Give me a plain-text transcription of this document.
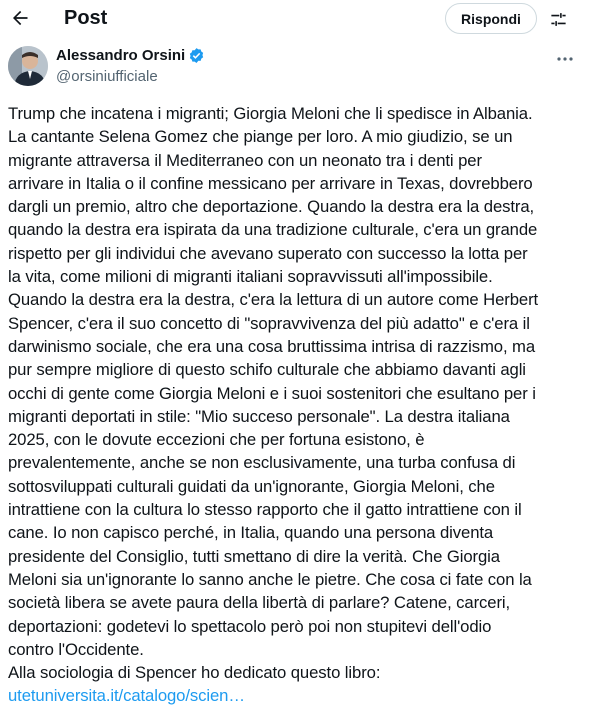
Post	Rispondi
Alessandro Orsini
@orsiniufficiale
Trump che incatena i migranti; Giorgia Meloni che li spedisce in Albania.
La cantante Selena Gomez che piange per loro. A mio giudizio, se un
migrante attraversa il Mediterraneo con un neonato tra i denti per
arrivare in Italia o il confine messicano per arrivare in Texas, dovrebbero
dargli un premio, altro che deportazione. Quando la destra era la destra,
quando la destra era ispirata da una tradizione culturale, c'era un grande
rispetto per gli individui che avevano superato con successo la lotta per
la vita, come milioni di migranti italiani sopravvissuti all'impossibile.
Quando la destra era la destra, c'era la lettura di un autore come Herbert
Spencer, c'era il suo concetto di "sopravvivenza del più adatto" e c'era il
darwinismo sociale, che era una cosa bruttissima intrisa di razzismo, ma
pur sempre migliore di questo schifo culturale che abbiamo davanti agli
occhi di gente come Giorgia Meloni e i suoi sostenitori che esultano per i
migranti deportati in stile: "Mio succeso personale". La destra italiana
2025, con le dovute eccezioni che per fortuna esistono, è
prevalentemente, anche se non esclusivamente, una turba confusa di
sottosviluppati culturali guidati da un'ignorante, Giorgia Meloni, che
intrattiene con la cultura lo stesso rapporto che il gatto intrattiene con il
cane. Io non capisco perché, in Italia, quando una persona diventa
presidente del Consiglio, tutti smettano di dire la verità. Che Giorgia
Meloni sia un'ignorante lo sanno anche le pietre. Che cosa ci fate con la
società libera se avete paura della libertà di parlare? Catene, carceri,
deportazioni: godetevi lo spettacolo però poi non stupitevi dell'odio
contro l'Occidente.
Alla sociologia di Spencer ho dedicato questo libro:
utetuniversita.it/catalogo/scien…
